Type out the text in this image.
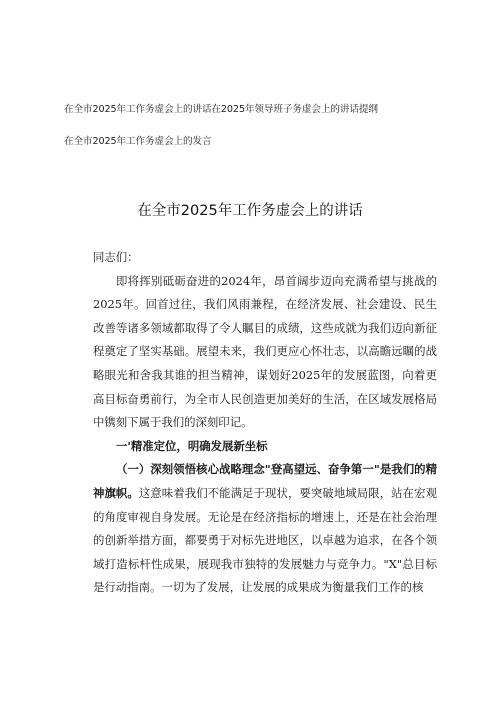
在全市2025年工作务虚会上的讲话在2025年领导班子务虚会上的讲话提纲
在全市2025年工作务虚会上的发言
在全市2025年工作务虚会上的讲话

同志们：

即将挥别砥砺奋进的2024年，昂首阔步迈向充满希望与挑战的2025年。回首过往，我们风雨兼程，在经济发展、社会建设、民生改善等诸多领域都取得了令人瞩目的成绩，这些成就为我们迈向新征程奠定了坚实基础。展望未来，我们更应心怀壮志，以高瞻远瞩的战略眼光和舍我其谁的担当精神，谋划好2025年的发展蓝图，向着更高目标奋勇前行，为全市人民创造更加美好的生活，在区域发展格局中镌刻下属于我们的深刻印记。

一'精准定位，明确发展新坐标

（一）深刻领悟核心战略理念"登高望远、奋争第一"是我们的精神旗帜。这意味着我们不能满足于现状，要突破地域局限，站在宏观的角度审视自身发展。无论是在经济指标的增速上，还是在社会治理的创新举措方面，都要勇于对标先进地区，以卓越为追求，在各个领域打造标杆性成果，展现我市独特的发展魅力与竞争力。"X"总目标是行动指南。一切为了发展，让发展的成果成为衡量我们工作的核
